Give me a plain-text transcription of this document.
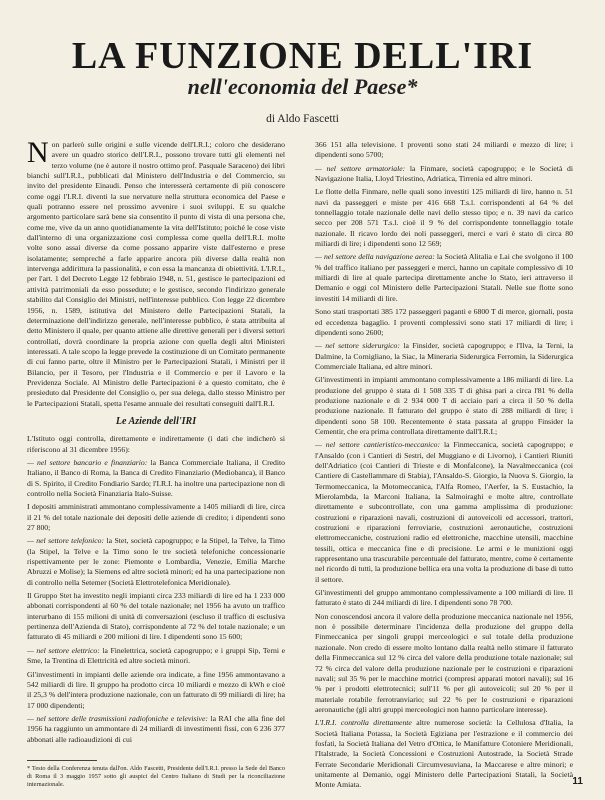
LA FUNZIONE DELL'IRI
nell'economia del Paese*
di Aldo Fascetti

Non parlerò sulle origini e sulle vicende dell'I.R.I.; coloro che desiderano avere un quadro storico dell'I.R.I., possono trovare tutti gli elementi nel terzo volume (ne è autore il nostro ottimo prof. Pasquale Saraceno) dei libri bianchi sull'I.R.I., pubblicati dal Ministero dell'Industria e del Commercio, su invito del presidente Einaudi. Penso che interesserà certamente di più conoscere come oggi l'I.R.I. diventi la sue nervature nella struttura economica del Paese e quali potranno essere nel prossimo avvenire i suoi sviluppi. E su qualche argomento particolare sarà bene sia consentito il punto di vista di una persona che, come me, vive da un anno quotidianamente la vita dell'Istituto; poiché le cose viste dall'interno di una organizzazione così complessa come quella dell'I.R.I. molte volte sono assai diverse da come possano apparire viste dall'esterno e prese isolatamente; sempreché a farle apparire ancora più diverse dalla realtà non intervenga addirittura la passionalità, e con essa la mancanza di obiettività. L'I.R.I., per l'art. 1 del Decreto Legge 12 febbraio 1948, n. 51, gestisce le partecipazioni ed attività patrimoniali da esso possedute; e le gestisce, secondo l'indirizzo generale stabilito dal Consiglio dei Ministri, nell'interesse pubblico. Con legge 22 dicembre 1956, n. 1589, istitutiva del Ministero delle Partecipazioni Statali, la determinazione dell'indirizzo generale, nell'interesse pubblico, è stata attribuita al detto Ministero il quale, per quanto attiene alle direttive generali per i diversi settori controllati, dovrà coordinare la propria azione con quella degli altri Ministeri interessati. A tale scopo la legge prevede la costituzione di un Comitato permanente di cui fanno parte, oltre il Ministro per le Partecipazioni Statali, i Ministri per il Bilancio, per il Tesoro, per l'Industria e il Commercio e per il Lavoro e la Previdenza Sociale. Al Ministro delle Partecipazioni è a questo comitato, che è presieduto dal Presidente del Consiglio o, per sua delega, dallo stesso Ministro per le Partecipazioni Statali, spetta l'esame annuale dei resultati conseguiti dall'I.R.I.

Le Aziende dell'IRI

L'Istituto oggi controlla, direttamente e indirettamente (i dati che indicherò si riferiscono al 31 dicembre 1956):

— nel settore bancario e finanziario: la Banca Commerciale Italiana, il Credito Italiano, il Banco di Roma, la Banca di Credito Finanziario (Mediobanca), il Banco di S. Spirito, il Credito Fondiario Sardo; l'I.R.I. ha inoltre una partecipazione non di controllo nella Società Finanziaria Italo-Suisse.

I depositi amministrati ammontano complessivamente a 1405 miliardi di lire, circa il 21 % del totale nazionale dei depositi delle aziende di credito; i dipendenti sono 27 800;

— nel settore telefonico: la Stet, società capogruppo; e la Stipel, la Telve, la Timo (la Stipel, la Telve e la Timo sono le tre società telefoniche concessionarie rispettivamente per le zone: Piemonte e Lombardia, Venezie, Emilia Marche Abruzzi e Molise); la Siemens ed altre società minori; ed ha una partecipazione non di controllo nella Setemer (Società Elettrotelefonica Meridionale).

Il Gruppo Stet ha investito negli impianti circa 233 miliardi di lire ed ha 1 233 000 abbonati corrispondenti al 60 % del totale nazionale; nel 1956 ha avuto un traffico interurbano di 155 milioni di unità di conversazioni (escluso il traffico di esclusiva pertinenza dell'Azienda di Stato), corrispondente al 72 % del totale nazionale; e un fatturato di 45 miliardi e 200 milioni di lire. I dipendenti sono 15 600;

— nel settore elettrico: la Finelettrica, società capogruppo; e i gruppi Sip, Terni e Sme, la Trentina di Elettricità ed altre società minori.

Gl'investimenti in impianti delle aziende ora indicate, a fine 1956 ammontavano a 542 miliardi di lire. Il gruppo ha prodotto circa 10 miliardi e mezzo di kWh e cioè il 25,3 % dell'intera produzione nazionale, con un fatturato di 99 miliardi di lire; ha 17 000 dipendenti;

— nel settore delle trasmissioni radiofoniche e televisive: la RAI che alla fine del 1956 ha raggiunto un ammontare di 24 miliardi di investimenti fissi, con 6 236 377 abbonati alle radioaudizioni di cui

366 151 alla televisione. I proventi sono stati 24 miliardi e mezzo di lire; i dipendenti sono 5700;

— nel settore armatoriale: la Finmare, società capogruppo; e le Società di Navigazione Italia, Lloyd Triestino, Adriatica, Tirrenia ed altre minori.

Le flotte della Finmare, nelle quali sono investiti 125 miliardi di lire, hanno n. 51 navi da passeggeri e miste per 416 668 T.s.l. corrispondenti al 64 % del tonnellaggio totale nazionale delle navi dello stesso tipo; e n. 39 navi da carico secco per 208 571 T.s.l. cioè il 9 % del corrispondente tonnellaggio totale nazionale. Il ricavo lordo dei noli passeggeri, merci e vari è stato di circa 80 miliardi di lire; i dipendenti sono 12 569;

— nel settore della navigazione aerea: la Società Alitalia e Lai che svolgono il 100 % del traffico italiano per passeggeri e merci, hanno un capitale complessivo di 10 miliardi di lire al quale partecipa direttamente anche lo Stato, ieri attraverso il Demanio e oggi col Ministero delle Partecipazioni Statali. Nelle sue flotte sono investiti 14 miliardi di lire.

Sono stati trasportati 385 172 passeggeri paganti e 6800 T di merce, giornali, posta ed eccedenza bagaglio. I proventi complessivi sono stati 17 miliardi di lire; i dipendenti sono 2600;

— nel settore siderurgico: la Finsider, società capogruppo; e l'Ilva, la Terni, la Dalmine, la Cornigliano, la Siac, la Mineraria Siderurgica Ferromin, la Siderurgica Commerciale Italiana, ed altre minori.

Gl'investimenti in impianti ammontano complessivamente a 186 miliardi di lire. La produzione del gruppo è stata di 1 508 335 T di ghisa pari a circa l'81 % della produzione nazionale e di 2 934 000 T di acciaio pari a circa il 50 % della produzione nazionale. Il fatturato del gruppo è stato di 288 miliardi di lire; i dipendenti sono 58 100. Recentemente è stata passata al gruppo Finsider la Cementir, che era prima controllata direttamente dall'I.R.I.;

— nel settore cantieristico-meccanico: la Finmeccanica, società capogruppo; e l'Ansaldo (con i Cantieri di Sestri, del Muggiano e di Livorno), i Cantieri Riuniti dell'Adriatico (coi Cantieri di Trieste e di Monfalcone), la Navalmeccanica (coi Cantiere di Castellammare di Stabia), l'Ansaldo-S. Giorgio, la Nuova S. Giorgio, la Termomeccanica, la Motomeccanica, l'Alfa Romeo, l'Aerfer, la S. Eustachio, la Mierolambda, la Marconi Italiana, la Salmoiraghi e molte altre, controllate direttamente e subcontrollate, con una gamma amplissima di produzione: costruzioni e riparazioni navali, costruzioni di autoveicoli ed accessori, trattori, costruzioni e riparazioni ferroviarie, costruzioni aeronautiche, costruzioni elettromeccaniche, costruzioni radio ed elettroniche, macchine utensili, macchine tessili, ottica e meccanica fine e di precisione. Le armi e le munizioni oggi rappresentano una trascurabile percentuale del fatturato, mentre, come è certamente nel ricordo di tutti, la produzione bellica era una volta la produzione di base di tutto il settore.

Gl'investimenti del gruppo ammontano complessivamente a 100 miliardi di lire. Il fatturato è stato di 244 miliardi di lire. I dipendenti sono 78 700.

Non conoscendosi ancora il valore della produzione meccanica nazionale nel 1956, non è possibile determinare l'incidenza della produzione del gruppo della Finmeccanica per singoli gruppi merceologici e sul totale della produzione nazionale. Non credo di essere molto lontano dalla realtà nello stimare il fatturato della Finmeccanica sul 12 % circa del valore della produzione totale nazionale; sul 72 % circa del valore della produzione nazionale per le costruzioni e riparazioni navali; sul 35 % per le macchine motrici (compresi apparati motori navali); sul 16 % per i prodotti elettrotecnici; sull'11 % per gli autoveicoli; sul 20 % per il materiale rotabile ferrotranviario; sul 22 % per le costruzioni e riparazioni aeronautiche (gli altri gruppi merceologici non hanno particolare interesse).

L'I.R.I. controlla direttamente altre numerose società: la Cellulosa d'Italia, la Società Italiana Potassa, la Società Egiziana per l'estrazione e il commercio dei fosfati, la Società Italiana del Vetro d'Ottica, le Manifatture Cotoniere Meridionali, l'Italstrade, la Società Concessioni e Costruzioni Autostrade, la Società Strade Ferrate Secondarie Meridionali Circumvesuviana, la Maccarese e altre minori; e unitamente al Demanio, oggi Ministero delle Partecipazioni Statali, la Società Monte Amiata.

* Testo della Conferenza tenuta dall'on. Aldo Fascetti, Presidente dell'I.R.I. presso la Sede del Banco di Roma il 3 maggio 1957 sotto gli auspici del Centro Italiano di Studi per la riconciliazione internazionale.	11
